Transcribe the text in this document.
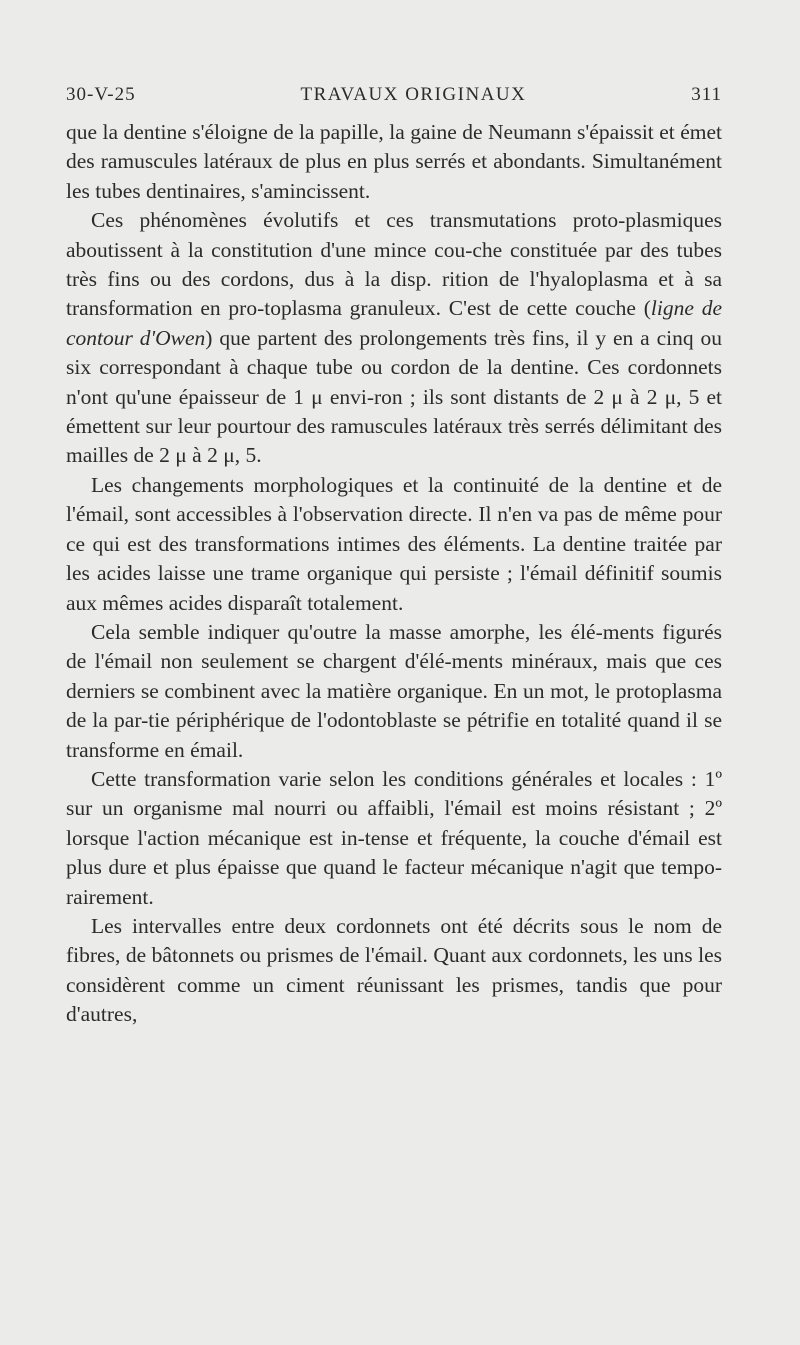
30-V-25	TRAVAUX ORIGINAUX	311

que la dentine s'éloigne de la papille, la gaine de Neumann s'épaissit et émet des ramuscules latéraux de plus en plus serrés et abondants. Simultanément les tubes dentinaires, s'amincissent.

Ces phénomènes évolutifs et ces transmutations proto-plasmiques aboutissent à la constitution d'une mince cou-che constituée par des tubes très fins ou des cordons, dus à la disp. rition de l'hyaloplasma et à sa transformation en pro-toplasma granuleux. C'est de cette couche (ligne de contour d'Owen) que partent des prolongements très fins, il y en a cinq ou six correspondant à chaque tube ou cordon de la dentine. Ces cordonnets n'ont qu'une épaisseur de 1 μ envi-ron ; ils sont distants de 2 μ à 2 μ, 5 et émettent sur leur pourtour des ramuscules latéraux très serrés délimitant des mailles de 2 μ à 2 μ, 5.

Les changements morphologiques et la continuité de la dentine et de l'émail, sont accessibles à l'observation directe. Il n'en va pas de même pour ce qui est des transformations intimes des éléments. La dentine traitée par les acides laisse une trame organique qui persiste ; l'émail définitif soumis aux mêmes acides disparaît totalement.

Cela semble indiquer qu'outre la masse amorphe, les élé-ments figurés de l'émail non seulement se chargent d'élé-ments minéraux, mais que ces derniers se combinent avec la matière organique. En un mot, le protoplasma de la par-tie périphérique de l'odontoblaste se pétrifie en totalité quand il se transforme en émail.

Cette transformation varie selon les conditions générales et locales : 1º sur un organisme mal nourri ou affaibli, l'émail est moins résistant ; 2º lorsque l'action mécanique est in-tense et fréquente, la couche d'émail est plus dure et plus épaisse que quand le facteur mécanique n'agit que tempo-rairement.

Les intervalles entre deux cordonnets ont été décrits sous le nom de fibres, de bâtonnets ou prismes de l'émail. Quant aux cordonnets, les uns les considèrent comme un ciment réunissant les prismes, tandis que pour d'autres,
